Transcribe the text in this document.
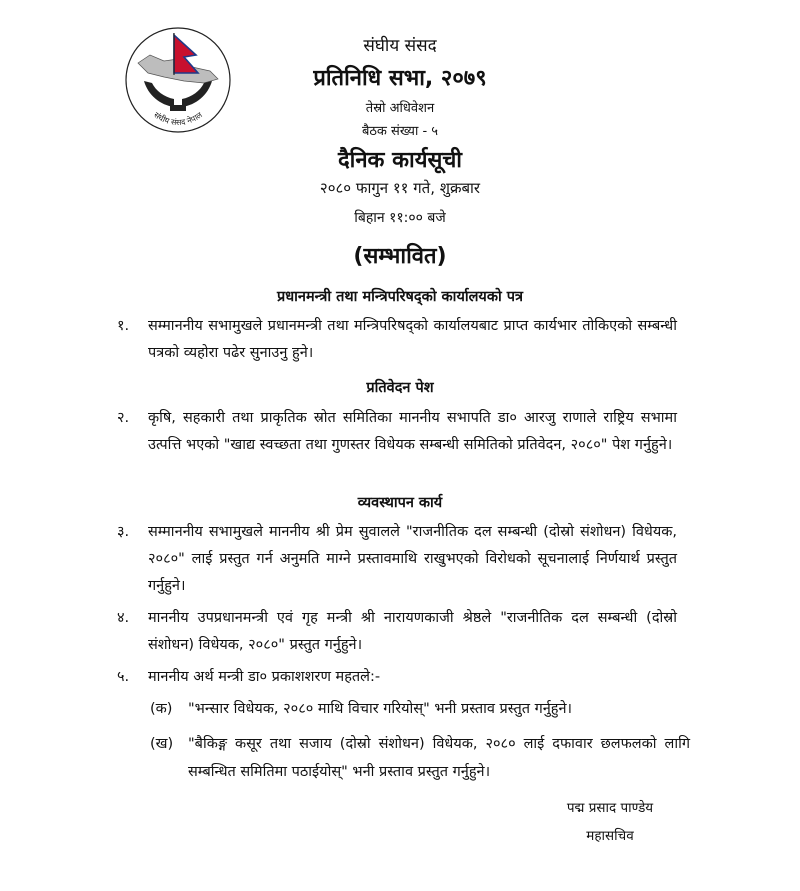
संघीय संसद नेपाल
संघीय संसद
प्रतिनिधि सभा, २०७९
तेस्रो अधिवेशन
बैठक संख्या - ५
दैनिक कार्यसूची
२०८० फागुन ११ गते, शुक्रबार
बिहान ११:०० बजे
(सम्भावित)
प्रधानमन्त्री तथा मन्त्रिपरिषद्को कार्यालयको पत्र
१.	सम्माननीय सभामुखले प्रधानमन्त्री तथा मन्त्रिपरिषद्को कार्यालयबाट प्राप्त कार्यभार तोकिएको सम्बन्धी पत्रको व्यहोरा पढेर सुनाउनु हुने।
प्रतिवेदन पेश
२.	कृषि, सहकारी तथा प्राकृतिक स्रोत समितिका माननीय सभापति डा० आरजु राणाले राष्ट्रिय सभामा उत्पत्ति भएको "खाद्य स्वच्छता तथा गुणस्तर विधेयक सम्बन्धी समितिको प्रतिवेदन, २०८०" पेश गर्नुहुने।
व्यवस्थापन कार्य
३.	सम्माननीय सभामुखले माननीय श्री प्रेम सुवालले "राजनीतिक दल सम्बन्धी (दोस्रो संशोधन) विधेयक, २०८०" लाई प्रस्तुत गर्न अनुमति माग्ने प्रस्तावमाथि राखुभएको विरोधको सूचनालाई निर्णयार्थ प्रस्तुत गर्नुहुने।
४.	माननीय उपप्रधानमन्त्री एवं गृह मन्त्री श्री नारायणकाजी श्रेष्ठले "राजनीतिक दल सम्बन्धी (दोस्रो संशोधन) विधेयक, २०८०" प्रस्तुत गर्नुहुने।
५.	माननीय अर्थ मन्त्री डा० प्रकाशशरण महतले:-
(क) "भन्सार विधेयक, २०८० माथि विचार गरियोस्" भनी प्रस्ताव प्रस्तुत गर्नुहुने।
(ख) "बैकिङ्ग कसूर तथा सजाय (दोस्रो संशोधन) विधेयक, २०८० लाई दफावार छलफलको लागि सम्बन्धित समितिमा पठाईयोस्" भनी प्रस्ताव प्रस्तुत गर्नुहुने।
पद्म प्रसाद पाण्डेय
महासचिव
